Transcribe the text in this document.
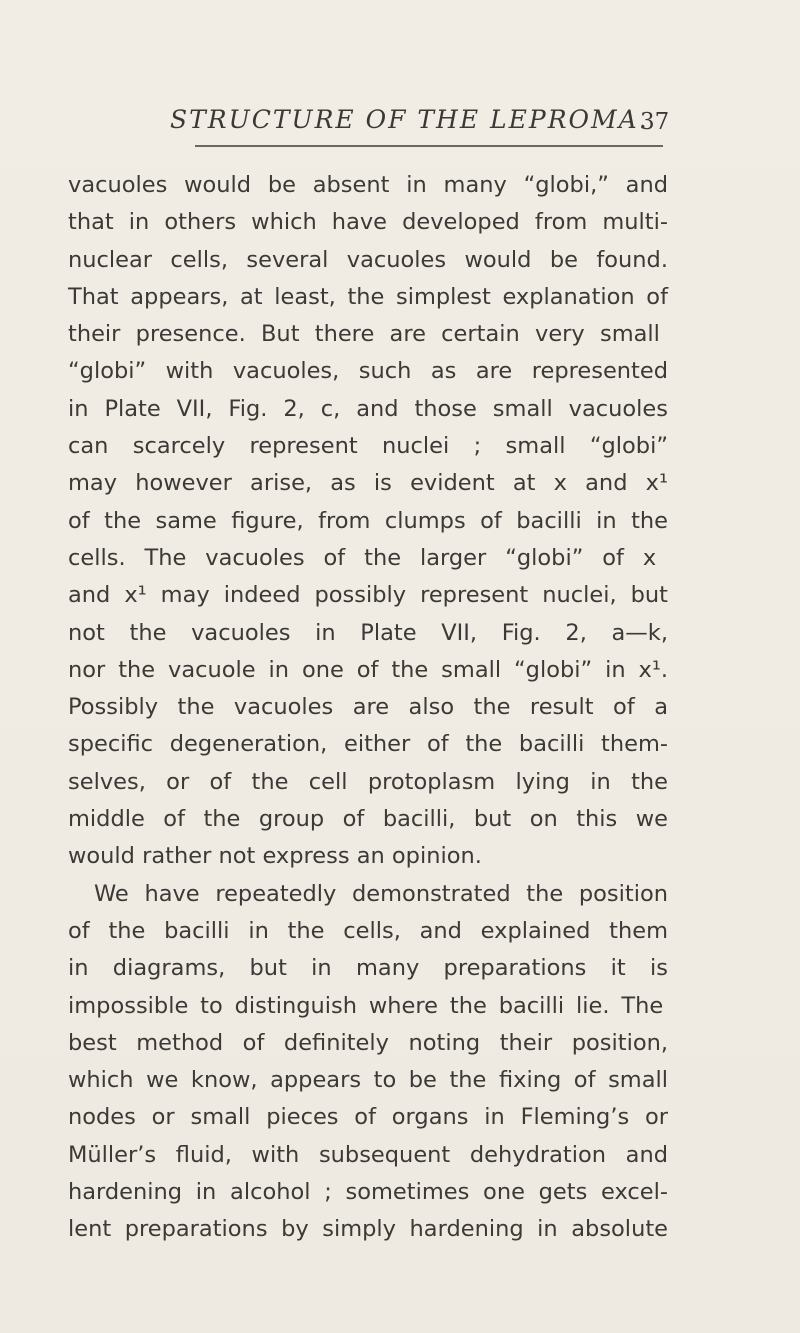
STRUCTURE OF THE LEPROMA.
37
vacuoles would be absent in many “globi,” and
that in others which have developed from multi-
nuclear cells, several vacuoles would be found.
That appears, at least, the simplest explanation of
their presence. But there are certain very small
“globi” with vacuoles, such as are represented
in Plate VII, Fig. 2, c, and those small vacuoles
can scarcely represent nuclei ; small “globi”
may however arise, as is evident at x and x¹
of the same figure, from clumps of bacilli in the
cells. The vacuoles of the larger “globi” of x
and x¹ may indeed possibly represent nuclei, but
not the vacuoles in Plate VII, Fig. 2, a—k,
nor the vacuole in one of the small “globi” in x¹.
Possibly the vacuoles are also the result of a
specific degeneration, either of the bacilli them-
selves, or of the cell protoplasm lying in the
middle of the group of bacilli, but on this we
would rather not express an opinion.
We have repeatedly demonstrated the position
of the bacilli in the cells, and explained them
in diagrams, but in many preparations it is
impossible to distinguish where the bacilli lie. The
best method of definitely noting their position,
which we know, appears to be the fixing of small
nodes or small pieces of organs in Fleming’s or
Müller’s fluid, with subsequent dehydration and
hardening in alcohol ; sometimes one gets excel-
lent preparations by simply hardening in absolute
